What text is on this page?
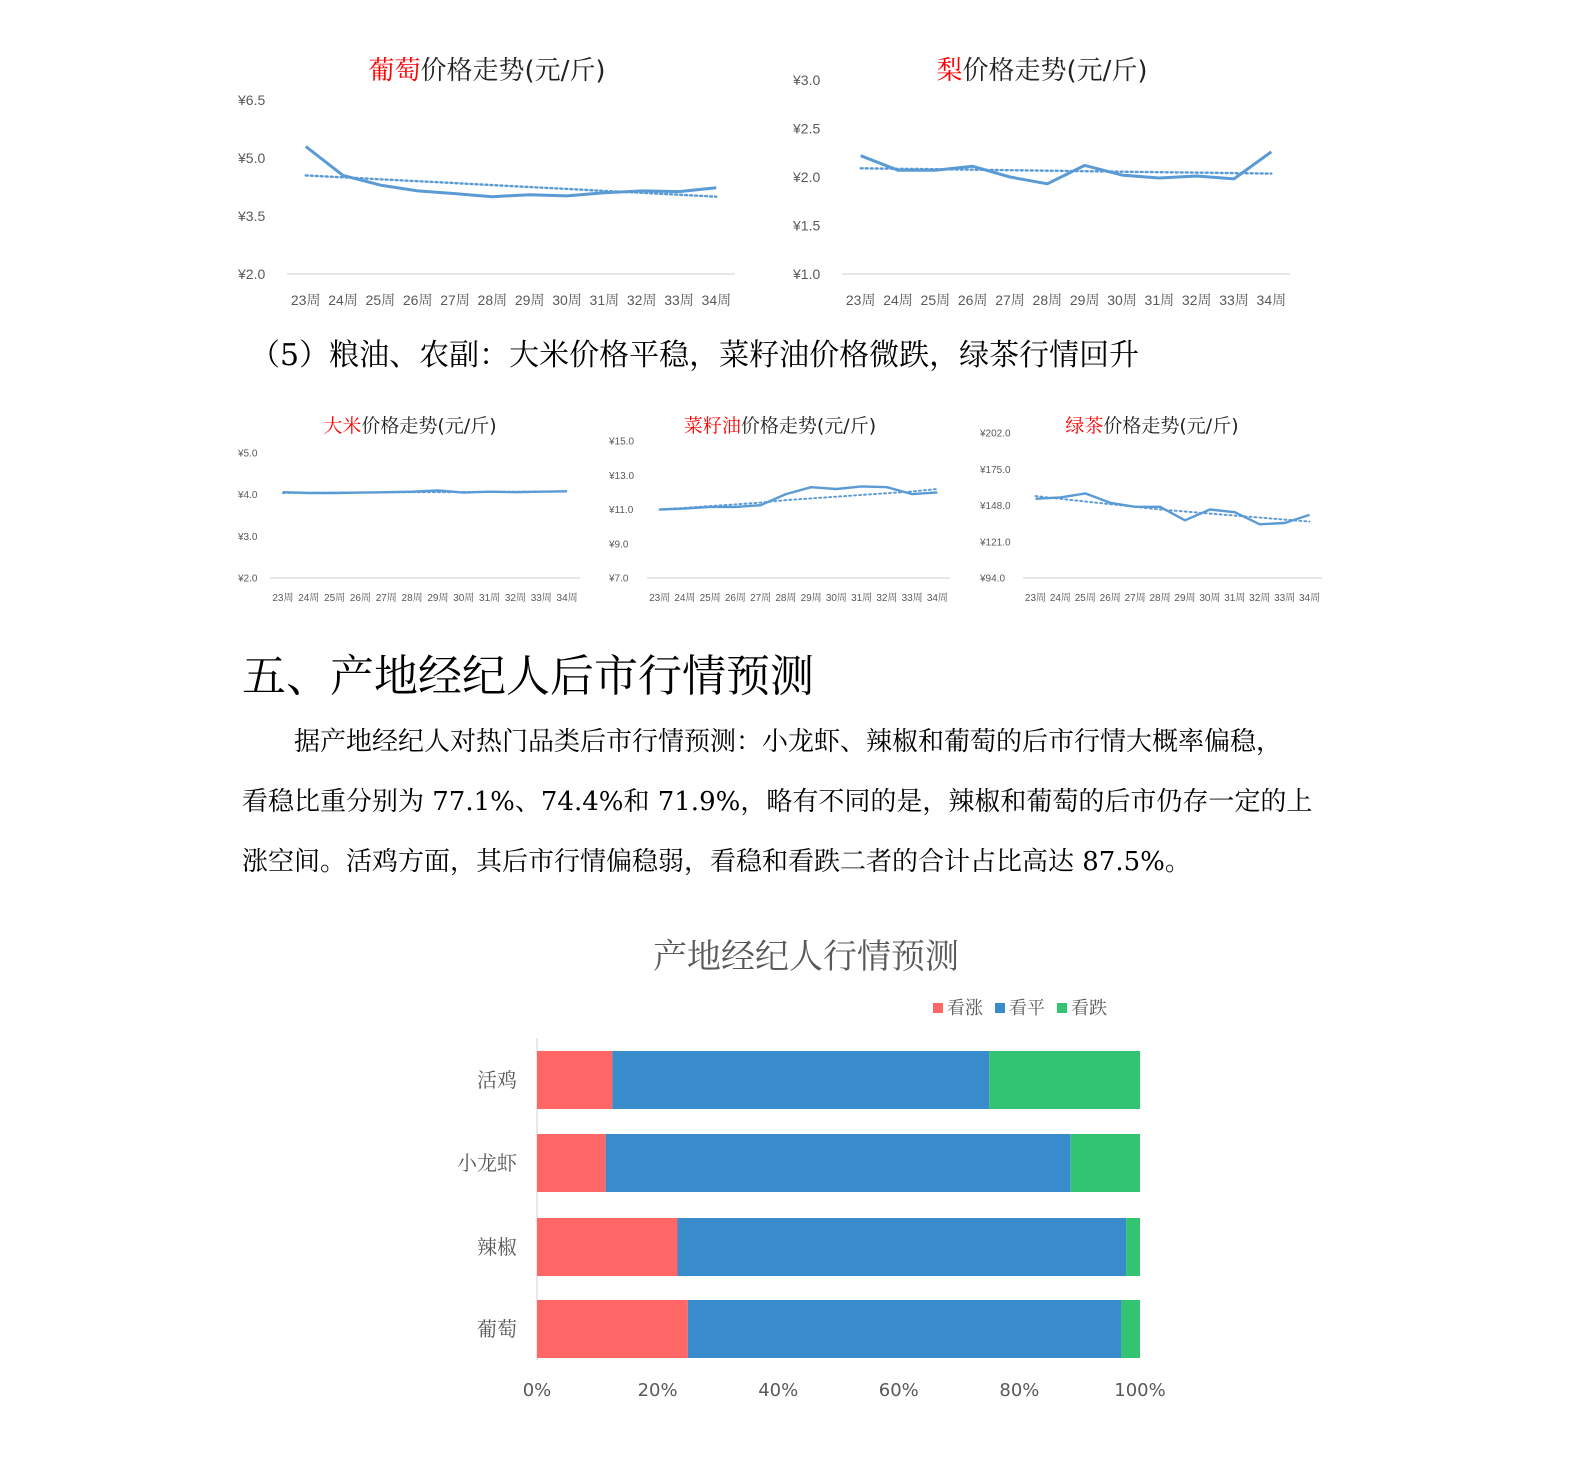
葡萄价格走势(元/斤)
¥6.5
¥5.0
¥3.5
¥2.0
23周 24周 25周 26周 27周 28周 29周 30周 31周 32周 33周 34周
梨价格走势(元/斤)
¥3.0
¥2.5
¥2.0
¥1.5
¥1.0
23周 24周 25周 26周 27周 28周 29周 30周 31周 32周 33周 34周
（5）粮油、农副：大米价格平稳，菜籽油价格微跌，绿茶行情回升
大米价格走势(元/斤)
¥5.0
¥4.0
¥3.0
¥2.0
23周 24周 25周 26周 27周 28周 29周 30周 31周 32周 33周 34周
菜籽油价格走势(元/斤)
¥15.0
¥13.0
¥11.0
¥9.0
¥7.0
23周 24周 25周 26周 27周 28周 29周 30周 31周 32周 33周 34周
绿茶价格走势(元/斤)
¥202.0
¥175.0
¥148.0
¥121.0
¥94.0
23周 24周 25周 26周 27周 28周 29周 30周 31周 32周 33周 34周
五、产地经纪人后市行情预测

据产地经纪人对热门品类后市行情预测：小龙虾、辣椒和葡萄的后市行情大概率偏稳，

看稳比重分别为 77.1%、74.4%和 71.9%，略有不同的是，辣椒和葡萄的后市仍存一定的上

涨空间。活鸡方面，其后市行情偏稳弱，看稳和看跌二者的合计占比高达 87.5%。

产地经纪人行情预测
看涨 看平 看跌
活鸡
小龙虾
辣椒
葡萄
0%	20%	40%	60%	80%	100%
